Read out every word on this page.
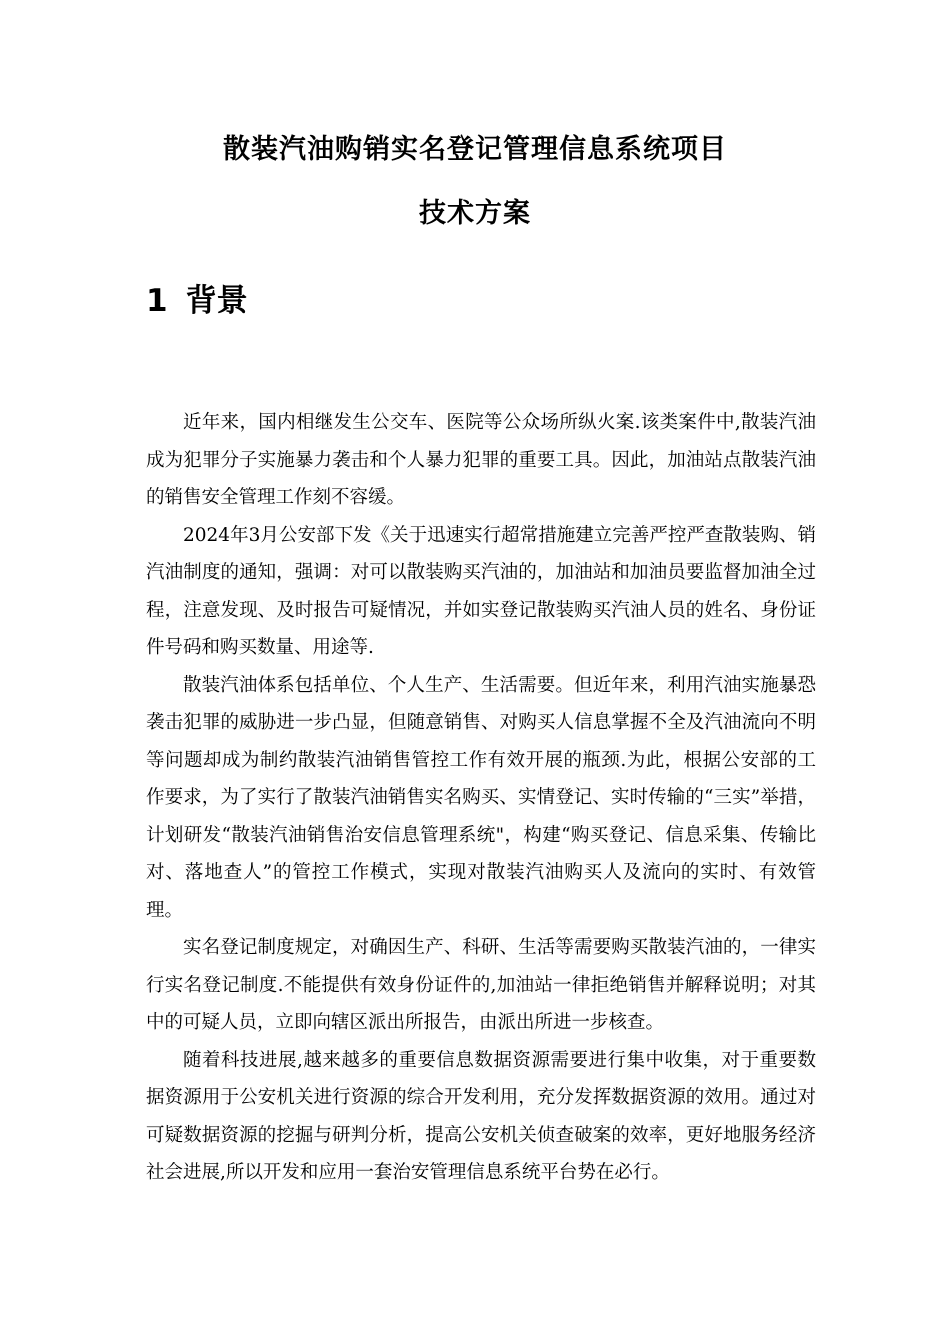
散装汽油购销实名登记管理信息系统项目
技术方案
1 背景

近年来，国内相继发生公交车、医院等公众场所纵火案.该类案件中,散装汽油成为犯罪分子实施暴力袭击和个人暴力犯罪的重要工具。因此，加油站点散装汽油的销售安全管理工作刻不容缓。

2024年3月公安部下发《关于迅速实行超常措施建立完善严控严查散装购、销汽油制度的通知，强调：对可以散装购买汽油的，加油站和加油员要监督加油全过程，注意发现、及时报告可疑情况，并如实登记散装购买汽油人员的姓名、身份证件号码和购买数量、用途等.

散装汽油体系包括单位、个人生产、生活需要。但近年来，利用汽油实施暴恐袭击犯罪的威胁进一步凸显，但随意销售、对购买人信息掌握不全及汽油流向不明等问题却成为制约散装汽油销售管控工作有效开展的瓶颈.为此，根据公安部的工作要求，为了实行了散装汽油销售实名购买、实情登记、实时传输的“三实”举措，计划研发“散装汽油销售治安信息管理系统"，构建“购买登记、信息采集、传输比对、落地查人”的管控工作模式，实现对散装汽油购买人及流向的实时、有效管理。

实名登记制度规定，对确因生产、科研、生活等需要购买散装汽油的，一律实行实名登记制度.不能提供有效身份证件的,加油站一律拒绝销售并解释说明；对其中的可疑人员，立即向辖区派出所报告，由派出所进一步核查。

随着科技进展,越来越多的重要信息数据资源需要进行集中收集，对于重要数据资源用于公安机关进行资源的综合开发利用，充分发挥数据资源的效用。通过对可疑数据资源的挖掘与研判分析，提高公安机关侦查破案的效率，更好地服务经济社会进展,所以开发和应用一套治安管理信息系统平台势在必行。
